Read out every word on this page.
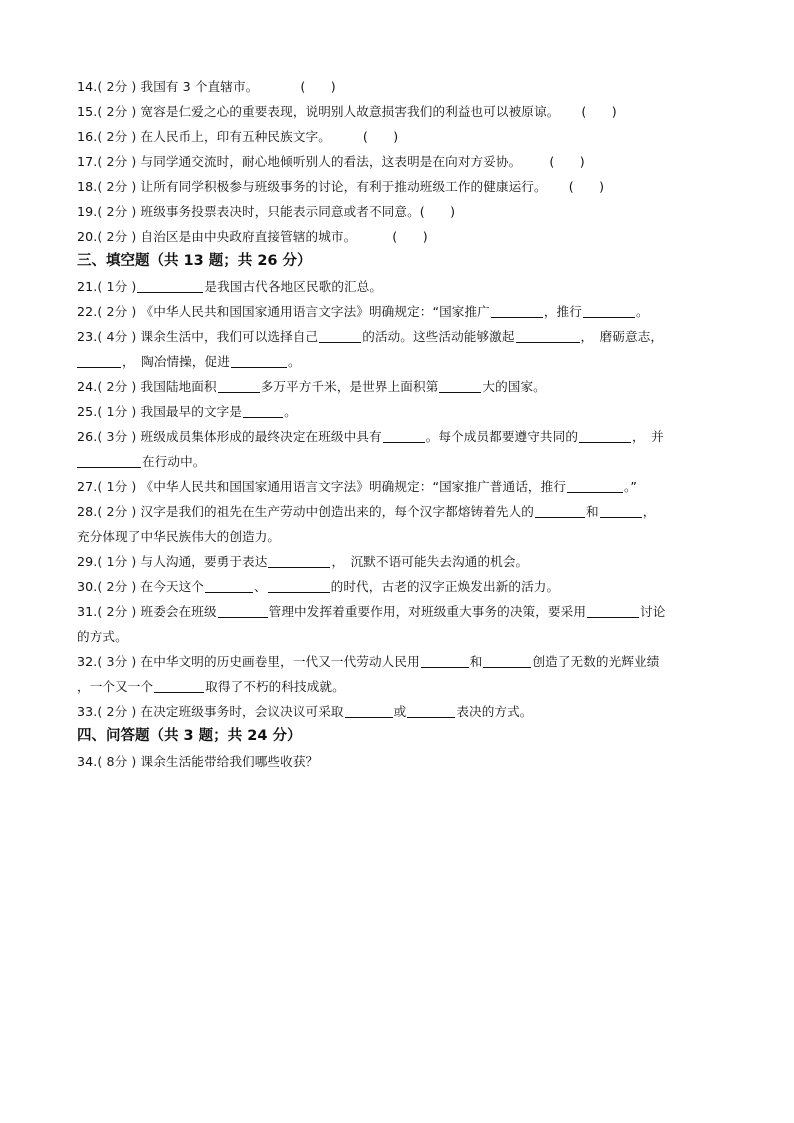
14.( 2分 ) 我国有 3 个直辖市。	(　　)
15.( 2分 ) 宽容是仁爱之心的重要表现，说明别人故意损害我们的利益也可以被原谅。 (　　)
16.( 2分 ) 在人民币上，印有五种民族文字。	(　　)
17.( 2分 ) 与同学通交流时，耐心地倾听别人的看法，这表明是在向对方妥协。 (　　)
18.( 2分 ) 让所有同学积极参与班级事务的讨论，有利于推动班级工作的健康运行。 (　　)
19.( 2分 ) 班级事务投票表决时，只能表示同意或者不同意。(　　)
20.( 2分 ) 自治区是由中央政府直接管辖的城市。	(　　)
三、填空题（共 13 题；共 26 分）
21.( 1分 )	是我国古代各地区民歌的汇总。
22.( 2分 ) 《中华人民共和国国家通用语言文字法》明确规定：“国家推广	，推行	。
23.( 4分 ) 课余生活中，我们可以选择自己	的活动。这些活动能够激起	，　磨砺意志，
，　陶冶情操，促进	。
24.( 2分 ) 我国陆地面积	多万平方千米，是世界上面积第	大的国家。
25.( 1分 ) 我国最早的文字是	。
26.( 3分 ) 班级成员集体形成的最终决定在班级中具有	。每个成员都要遵守共同的	，　并
在行动中。
27.( 1分 ) 《中华人民共和国国家通用语言文字法》明确规定：“国家推广普通话，推行	。”
28.( 2分 ) 汉字是我们的祖先在生产劳动中创造出来的，每个汉字都熔铸着先人的	和	，
充分体现了中华民族伟大的创造力。
29.( 1分 ) 与人沟通，要勇于表达	，　沉默不语可能失去沟通的机会。
30.( 2分 ) 在今天这个	、	的时代，古老的汉字正焕发出新的活力。
31.( 2分 ) 班委会在班级	管理中发挥着重要作用，对班级重大事务的决策，要采用	讨论
的方式。
32.( 3分 ) 在中华文明的历史画卷里，一代又一代劳动人民用	和	创造了无数的光辉业绩
，一个又一个	取得了不朽的科技成就。
33.( 2分 ) 在决定班级事务时，会议决议可采取	或	表决的方式。
四、问答题（共 3 题；共 24 分）
34.( 8分 ) 课余生活能带给我们哪些收获？
